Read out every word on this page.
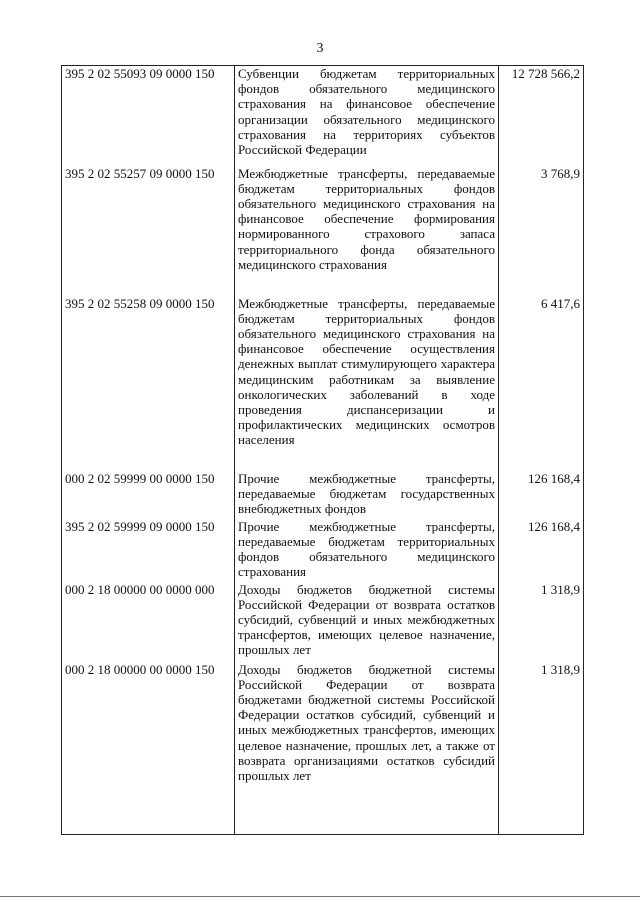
3
395 2 02 55093 09 0000 150	Субвенции бюджетам территориальных фондов обязательного медицинского страхования на финансовое обеспечение организации обязательного медицинского страхования на территориях субъектов Российской Федерации	12 728 566,2
395 2 02 55257 09 0000 150	Межбюджетные трансферты, передаваемые бюджетам территориальных фондов обязательного медицинского страхования на финансовое обеспечение формирования нормированного страхового запаса территориального фонда обязательного медицинского страхования	3 768,9
395 2 02 55258 09 0000 150	Межбюджетные трансферты, передаваемые бюджетам территориальных фондов обязательного медицинского страхования на финансовое обеспечение осуществления денежных выплат стимулирующего характера медицинским работникам за выявление онкологических заболеваний в ходе проведения диспансеризации и профилактических медицинских осмотров населения	6 417,6
000 2 02 59999 00 0000 150	Прочие межбюджетные трансферты, передаваемые бюджетам государственных внебюджетных фондов	126 168,4
395 2 02 59999 09 0000 150	Прочие межбюджетные трансферты, передаваемые бюджетам территориальных фондов обязательного медицинского страхования	126 168,4
000 2 18 00000 00 0000 000	Доходы бюджетов бюджетной системы Российской Федерации от возврата остатков субсидий, субвенций и иных межбюджетных трансфертов, имеющих целевое назначение, прошлых лет	1 318,9
000 2 18 00000 00 0000 150	Доходы бюджетов бюджетной системы Российской Федерации от возврата бюджетами бюджетной системы Российской Федерации остатков субсидий, субвенций и иных межбюджетных трансфертов, имеющих целевое назначение, прошлых лет, а также от возврата организациями остатков субсидий прошлых лет	1 318,9
